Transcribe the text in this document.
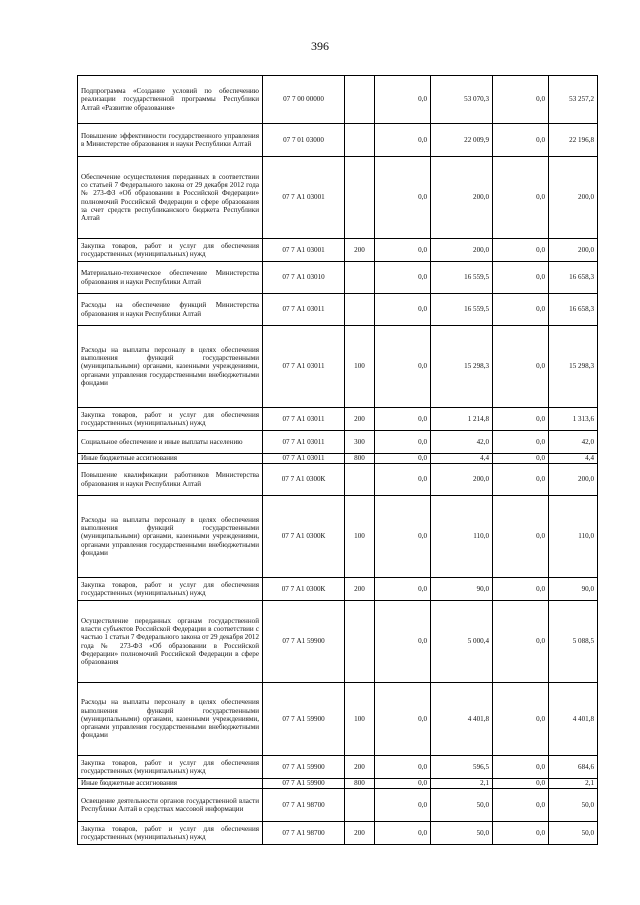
396
Подпрограмма «Создание условий по обеспечению реализации государственной программы Республики Алтай «Развитие образования»	07 7 00 00000		0,0	53 070,3	0,0	53 257,2
Повышение эффективности государственного управления в Министерстве образования и науки Республики Алтай	07 7 01 03000		0,0	22 009,9	0,0	22 196,8
Обеспечение осуществления переданных в соответствии со статьей 7 Федерального закона от 29 декабря 2012 года № 273-ФЗ «Об образовании в Российской Федерации» полномочий Российской Федерации в сфере образования за счет средств республиканского бюджета Республики Алтай	07 7 А1 03001		0,0	200,0	0,0	200,0
Закупка товаров, работ и услуг для обеспечения государственных (муниципальных) нужд	07 7 А1 03001	200	0,0	200,0	0,0	200,0
Материально-техническое обеспечение Министерства образования и науки Республики Алтай	07 7 А1 03010		0,0	16 559,5	0,0	16 658,3
Расходы на обеспечение функций Министерства образования и науки Республики Алтай	07 7 А1 03011		0,0	16 559,5	0,0	16 658,3
Расходы на выплаты персоналу в целях обеспечения выполнения функций государственными (муниципальными) органами, казенными учреждениями, органами управления государственными внебюджетными фондами	07 7 А1 03011	100	0,0	15 298,3	0,0	15 298,3
Закупка товаров, работ и услуг для обеспечения государственных (муниципальных) нужд	07 7 А1 03011	200	0,0	1 214,8	0,0	1 313,6
Социальное обеспечение и иные выплаты населению	07 7 А1 03011	300	0,0	42,0	0,0	42,0
Иные бюджетные ассигнования	07 7 А1 03011	800	0,0	4,4	0,0	4,4
Повышение квалификации работников Министерства образования и науки Республики Алтай	07 7 А1 0300К		0,0	200,0	0,0	200,0
Расходы на выплаты персоналу в целях обеспечения выполнения функций государственными (муниципальными) органами, казенными учреждениями, органами управления государственными внебюджетными фондами	07 7 А1 0300К	100	0,0	110,0	0,0	110,0
Закупка товаров, работ и услуг для обеспечения государственных (муниципальных) нужд	07 7 А1 0300К	200	0,0	90,0	0,0	90,0
Осуществление переданных органам государственной власти субъектов Российской Федерации в соответствии с частью 1 статьи 7 Федерального закона от 29 декабря 2012 года № 273-ФЗ «Об образовании в Российской Федерации» полномочий Российской Федерации в сфере образования	07 7 А1 59900		0,0	5 000,4	0,0	5 088,5
Расходы на выплаты персоналу в целях обеспечения выполнения функций государственными (муниципальными) органами, казенными учреждениями, органами управления государственными внебюджетными фондами	07 7 А1 59900	100	0,0	4 401,8	0,0	4 401,8
Закупка товаров, работ и услуг для обеспечения государственных (муниципальных) нужд	07 7 А1 59900	200	0,0	596,5	0,0	684,6
Иные бюджетные ассигнования	07 7 А1 59900	800	0,0	2,1	0,0	2,1
Освещение деятельности органов государственной власти Республики Алтай в средствах массовой информации	07 7 А1 98700		0,0	50,0	0,0	50,0
Закупка товаров, работ и услуг для обеспечения государственных (муниципальных) нужд	07 7 А1 98700	200	0,0	50,0	0,0	50,0
